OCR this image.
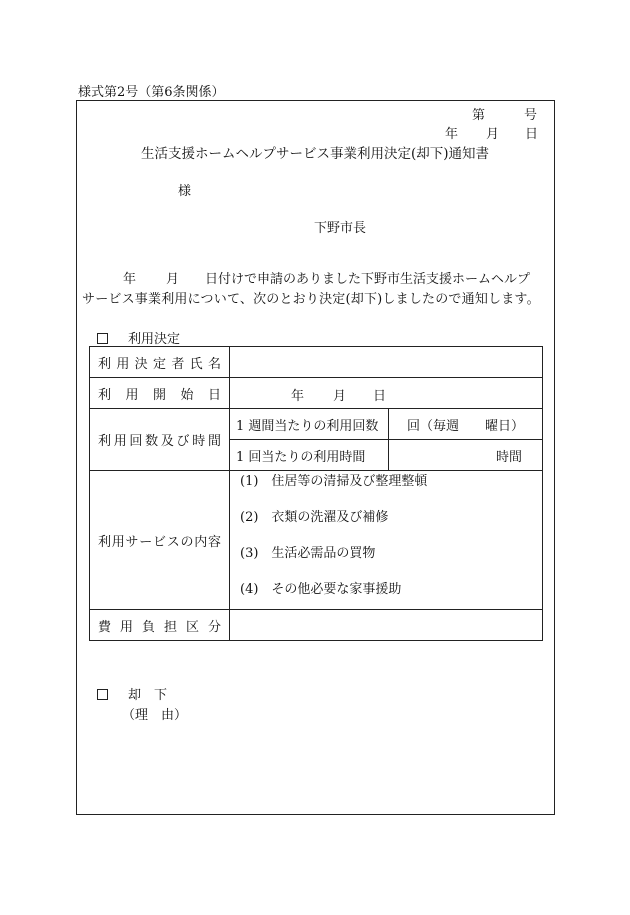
様式第2号（第6条関係）
第	号
年 月 日
生活支援ホームヘルプサービス事業利用決定(却下)通知書
様
下野市長
年 月 日付けで申請のありました下野市生活支援ホームヘルプ
サービス事業利用について、次のとおり決定(却下)しましたので通知します。
利用決定
利用決定者氏名		
利用開始日	年 月 日	

利用回数及び時間	1 週間当たりの利用回数	回（毎週　　曜日）
	1 回当たりの利用時間	時間
利用サービスの内容	(1)　住居等の清掃及び整理整頓
(2)　衣類の洗濯及び補修
(3)　生活必需品の買物
(4)　その他必要な家事援助	

費用負担区分		
却　下
（理　由）
